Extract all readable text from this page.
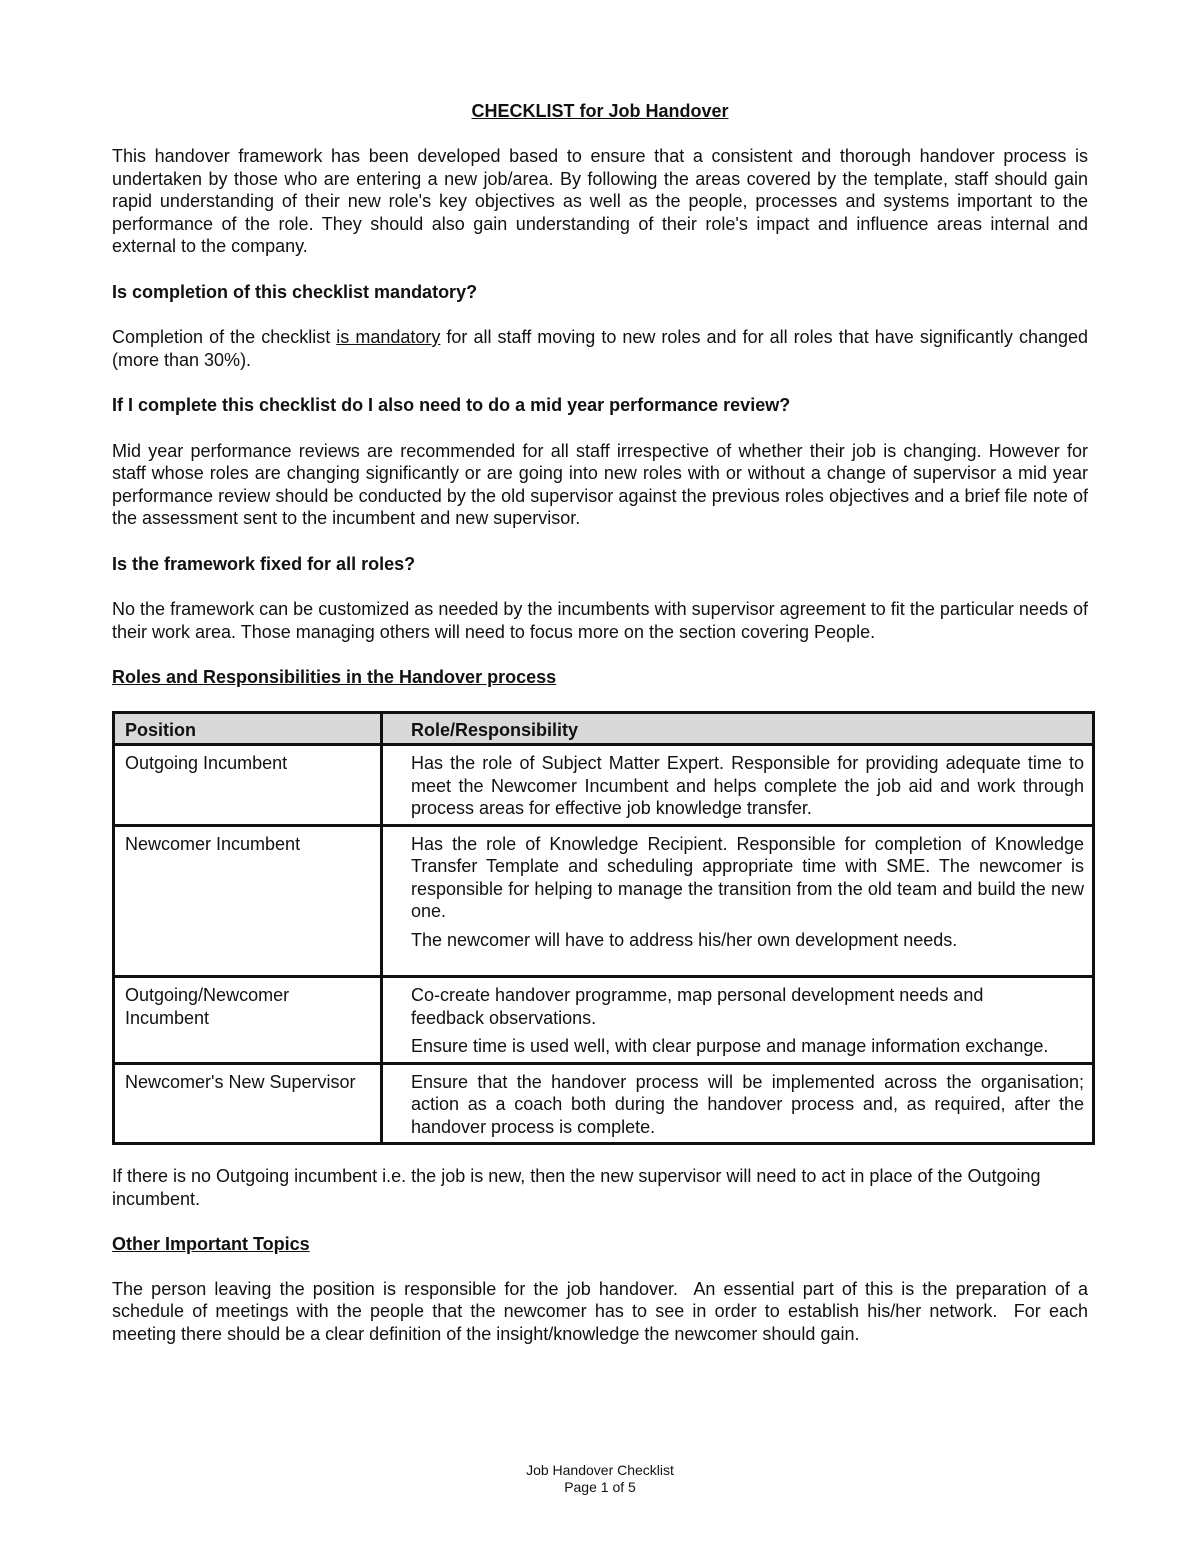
CHECKLIST for Job Handover

This handover framework has been developed based to ensure that a consistent and thorough handover process is undertaken by those who are entering a new job/area. By following the areas covered by the template, staff should gain rapid understanding of their new role's key objectives as well as the people, processes and systems important to the performance of the role. They should also gain understanding of their role's impact and influence areas internal and external to the company.

Is completion of this checklist mandatory?

Completion of the checklist is mandatory for all staff moving to new roles and for all roles that have significantly changed (more than 30%).

If I complete this checklist do I also need to do a mid year performance review?

Mid year performance reviews are recommended for all staff irrespective of whether their job is changing. However for staff whose roles are changing significantly or are going into new roles with or without a change of supervisor a mid year performance review should be conducted by the old supervisor against the previous roles objectives and a brief file note of the assessment sent to the incumbent and new supervisor.

Is the framework fixed for all roles?

No the framework can be customized as needed by the incumbents with supervisor agreement to fit the particular needs of their work area. Those managing others will need to focus more on the section covering People.

Roles and Responsibilities in the Handover process
Position	Role/Responsibility
Outgoing Incumbent	Has the role of Subject Matter Expert. Responsible for providing adequate time to meet the Newcomer Incumbent and helps complete the job aid and work through process areas for effective job knowledge transfer.

Newcomer Incumbent	Has the role of Knowledge Recipient. Responsible for completion of Knowledge Transfer Template and scheduling appropriate time with SME. The newcomer is responsible for helping to manage the transition from the old team and build the new one.

The newcomer will have to address his/her own development needs.

Outgoing/Newcomer Incumbent	Co-create handover programme, map personal development needs and feedback observations.

Ensure time is used well, with clear purpose and manage information exchange.

Newcomer's New Supervisor	Ensure that the handover process will be implemented across the organisation; action as a coach both during the handover process and, as required, after the handover process is complete.

If there is no Outgoing incumbent i.e. the job is new, then the new supervisor will need to act in place of the Outgoing incumbent.

Other Important Topics

The person leaving the position is responsible for the job handover.  An essential part of this is the preparation of a schedule of meetings with the people that the newcomer has to see in order to establish his/her network.  For each meeting there should be a clear definition of the insight/knowledge the newcomer should gain.

Job Handover Checklist
Page 1 of 5
